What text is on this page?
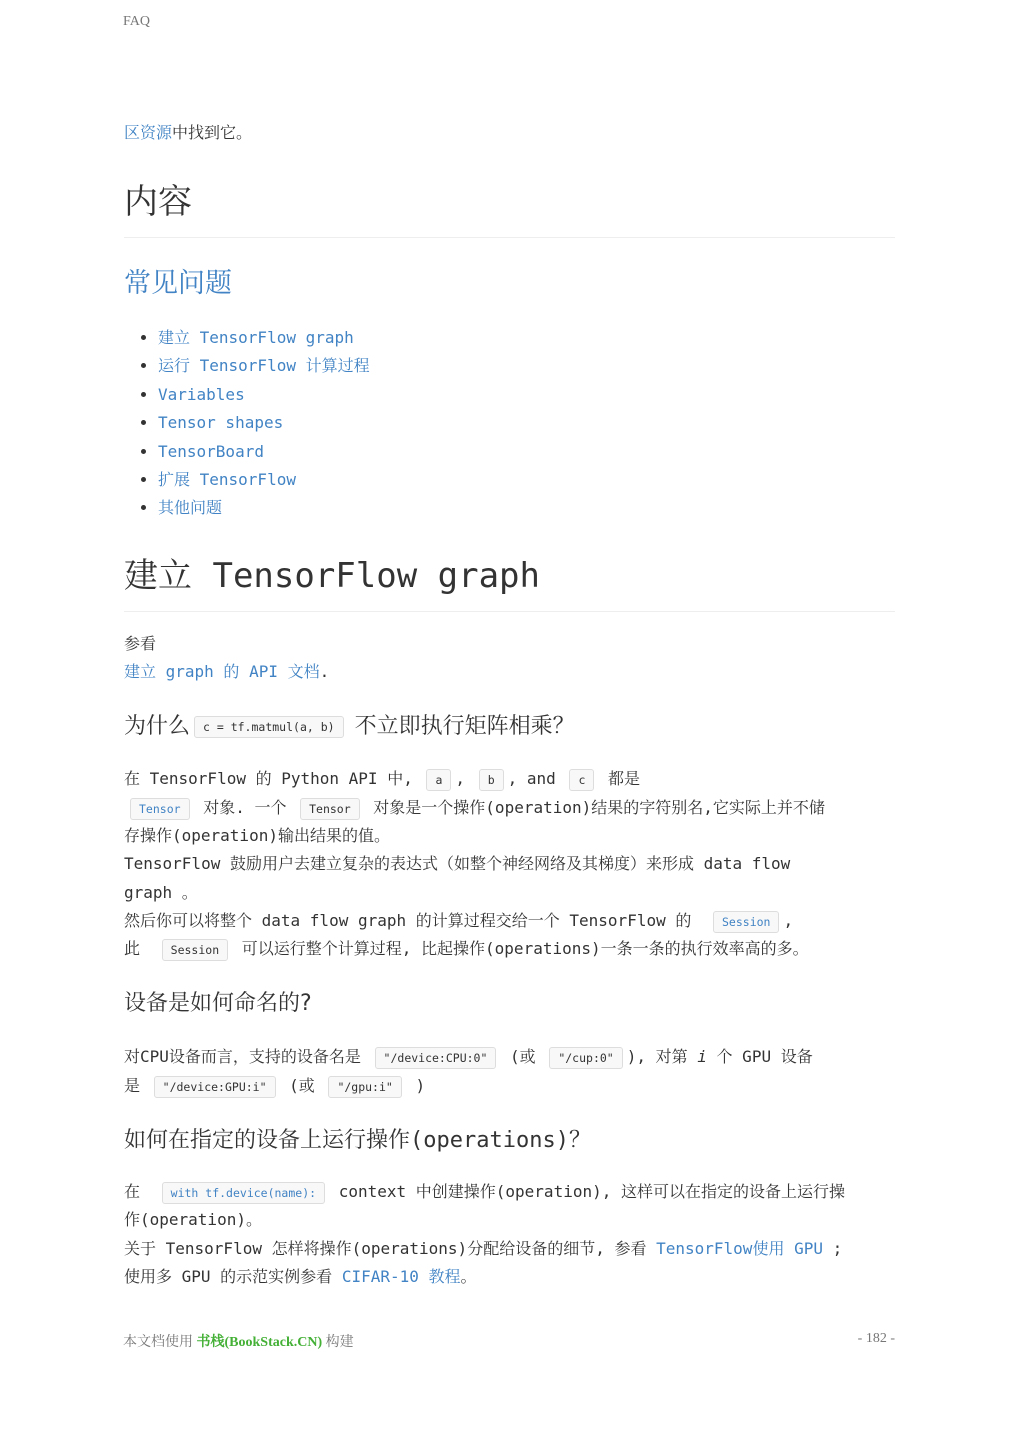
FAQ
区资源中找到它。
内容
常见问题
• 建立 TensorFlow graph
• 运行 TensorFlow 计算过程
• Variables
• Tensor shapes
• TensorBoard
• 扩展 TensorFlow
• 其他问题
建立 TensorFlow graph
参看
建立 graph 的 API 文档.
为什么 c = tf.matmul(a, b) 不立即执行矩阵相乘？
在 TensorFlow 的 Python API 中, a , b , and c 都是
Tensor 对象. 一个 Tensor 对象是一个操作(operation)结果的字符别名,它实际上并不储
存操作(operation)输出结果的值。
TensorFlow 鼓励用户去建立复杂的表达式（如整个神经网络及其梯度）来形成 data flow
graph 。
然后你可以将整个 data flow graph 的计算过程交给一个 TensorFlow 的	Session ,
此	Session 可以运行整个计算过程, 比起操作(operations)一条一条的执行效率高的多。
设备是如何命名的?
对CPU设备而言，支持的设备名是 "/device:CPU:0" (或 "/cup:0" ), 对第 i 个 GPU 设备
是 "/device:GPU:i" (或 "/gpu:i" )
如何在指定的设备上运行操作(operations)？
在	with tf.device(name): context 中创建操作(operation), 这样可以在指定的设备上运行操
作(operation)。
关于 TensorFlow 怎样将操作(operations)分配给设备的细节, 参看 TensorFlow使用 GPU ;
使用多 GPU 的示范实例参看 CIFAR-10 教程。
本文档使用 书栈(BookStack.CN) 构建	- 182 -
